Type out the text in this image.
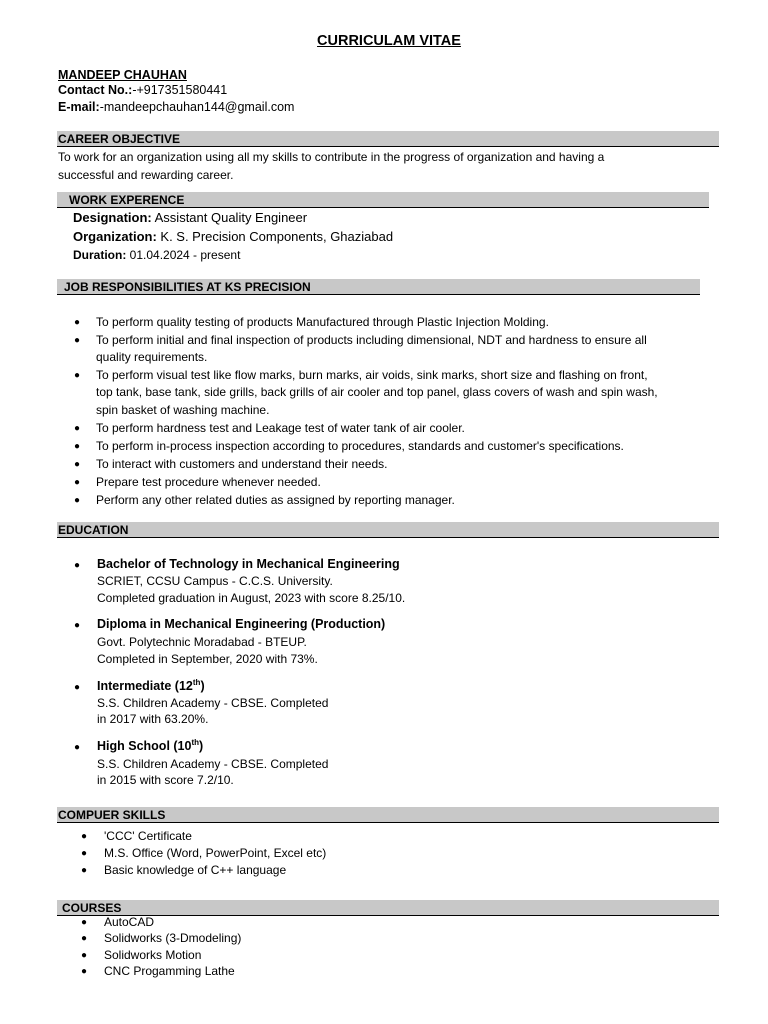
CURRICULAM VITAE
MANDEEP CHAUHAN
Contact No.:-+917351580441
E-mail:-mandeepchauhan144@gmail.com
CAREER OBJECTIVE
To work for an organization using all my skills to contribute in the progress of organization and having a
successful and rewarding career.
WORK EXPERENCE
Designation: Assistant Quality Engineer
Organization: K. S. Precision Components, Ghaziabad
Duration: 01.04.2024 - present
JOB RESPONSIBILITIES AT KS PRECISION
● To perform quality testing of products Manufactured through Plastic Injection Molding.
● To perform initial and final inspection of products including dimensional, NDT and hardness to ensure all
quality requirements.
● To perform visual test like flow marks, burn marks, air voids, sink marks, short size and flashing on front,
top tank, base tank, side grills, back grills of air cooler and top panel, glass covers of wash and spin wash,
spin basket of washing machine.
● To perform hardness test and Leakage test of water tank of air cooler.
● To perform in-process inspection according to procedures, standards and customer's specifications.
● To interact with customers and understand their needs.
● Prepare test procedure whenever needed.
● Perform any other related duties as assigned by reporting manager.
EDUCATION
● Bachelor of Technology in Mechanical Engineering
SCRIET, CCSU Campus - C.C.S. University.
Completed graduation in August, 2023 with score 8.25/10.
● Diploma in Mechanical Engineering (Production)
Govt. Polytechnic Moradabad - BTEUP.
Completed in September, 2020 with 73%.
● Intermediate (12th)
S.S. Children Academy - CBSE. Completed
in 2017 with 63.20%.
● High School (10th)
S.S. Children Academy - CBSE. Completed
in 2015 with score 7.2/10.
COMPUER SKILLS
● 'CCC' Certificate
● M.S. Office (Word, PowerPoint, Excel etc)
● Basic knowledge of C++ language
COURSES
● AutoCAD
● Solidworks (3-Dmodeling)
● Solidworks Motion
● CNC Progamming Lathe
